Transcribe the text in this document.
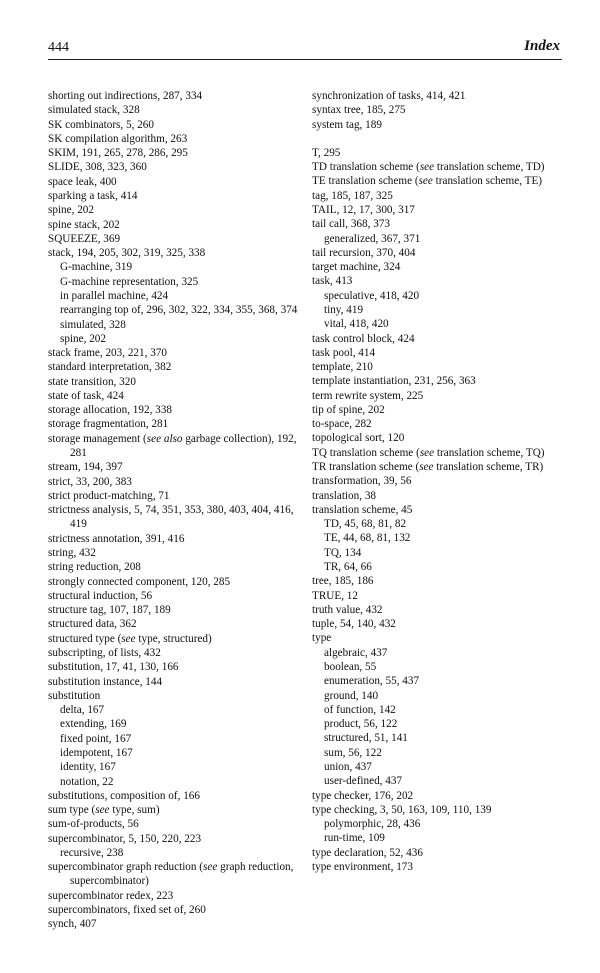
444	Index
shorting out indirections, 287, 334
simulated stack, 328
SK combinators, 5, 260
SK compilation algorithm, 263
SKIM, 191, 265, 278, 286, 295
SLIDE, 308, 323, 360
space leak, 400
sparking a task, 414
spine, 202
spine stack, 202
SQUEEZE, 369
stack, 194, 205, 302, 319, 325, 338
G-machine, 319
G-machine representation, 325
in parallel machine, 424
rearranging top of, 296, 302, 322, 334, 355, 368, 374
simulated, 328
spine, 202
stack frame, 203, 221, 370
standard interpretation, 382
state transition, 320
state of task, 424
storage allocation, 192, 338
storage fragmentation, 281
storage management (see also garbage collection), 192, 281
stream, 194, 397
strict, 33, 200, 383
strict product-matching, 71
strictness analysis, 5, 74, 351, 353, 380, 403, 404, 416, 419
strictness annotation, 391, 416
string, 432
string reduction, 208
strongly connected component, 120, 285
structural induction, 56
structure tag, 107, 187, 189
structured data, 362
structured type (see type, structured)
subscripting, of lists, 432
substitution, 17, 41, 130, 166
substitution instance, 144
substitution
delta, 167
extending, 169
fixed point, 167
idempotent, 167
identity, 167
notation, 22
substitutions, composition of, 166
sum type (see type, sum)
sum-of-products, 56
supercombinator, 5, 150, 220, 223
recursive, 238
supercombinator graph reduction (see graph reduction, supercombinator)
supercombinator redex, 223
supercombinators, fixed set of, 260
synch, 407
synchronization of tasks, 414, 421
syntax tree, 185, 275
system tag, 189
T, 295
TD translation scheme (see translation scheme, TD)
TE translation scheme (see translation scheme, TE)
tag, 185, 187, 325
TAIL, 12, 17, 300, 317
tail call, 368, 373
generalized, 367, 371
tail recursion, 370, 404
target machine, 324
task, 413
speculative, 418, 420
tiny, 419
vital, 418, 420
task control block, 424
task pool, 414
template, 210
template instantiation, 231, 256, 363
term rewrite system, 225
tip of spine, 202
to-space, 282
topological sort, 120
TQ translation scheme (see translation scheme, TQ)
TR translation scheme (see translation scheme, TR)
transformation, 39, 56
translation, 38
translation scheme, 45
TD, 45, 68, 81, 82
TE, 44, 68, 81, 132
TQ, 134
TR, 64, 66
tree, 185, 186
TRUE, 12
truth value, 432
tuple, 54, 140, 432
type
algebraic, 437
boolean, 55
enumeration, 55, 437
ground, 140
of function, 142
product, 56, 122
structured, 51, 141
sum, 56, 122
union, 437
user-defined, 437
type checker, 176, 202
type checking, 3, 50, 163, 109, 110, 139
polymorphic, 28, 436
run-time, 109
type declaration, 52, 436
type environment, 173
